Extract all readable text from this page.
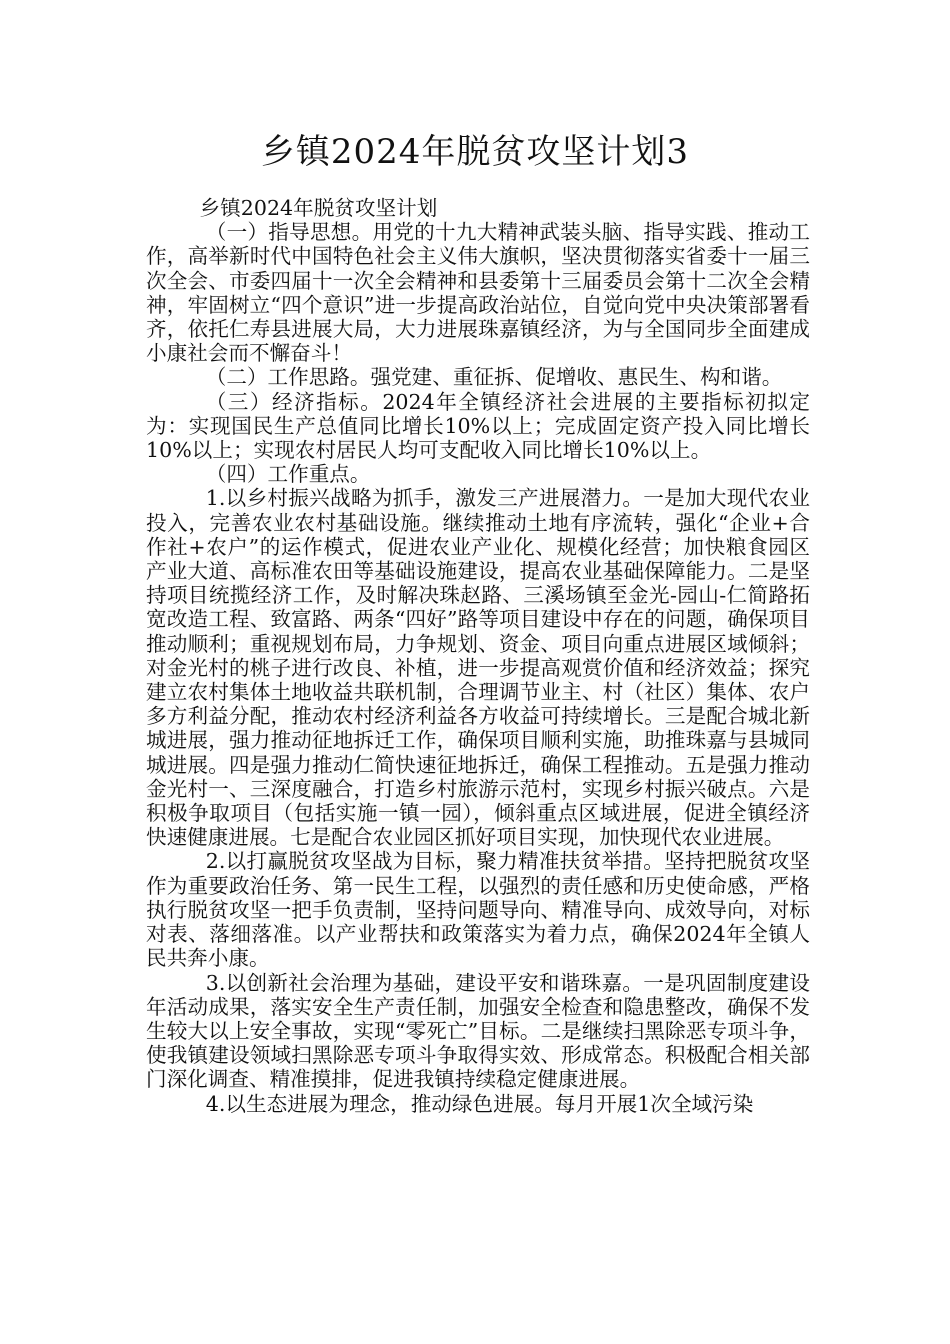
乡镇2024年脱贫攻坚计划3

乡镇2024年脱贫攻坚计划

（一）指导思想。用党的十九大精神武装头脑、指导实践、推动工作，高举新时代中国特色社会主义伟大旗帜，坚决贯彻落实省委十一届三次全会、市委四届十一次全会精神和县委第十三届委员会第十二次全会精神，牢固树立“四个意识”进一步提高政治站位，自觉向党中央决策部署看齐，依托仁寿县进展大局，大力进展珠嘉镇经济，为与全国同步全面建成小康社会而不懈奋斗！

（二）工作思路。强党建、重征拆、促增收、惠民生、构和谐。

（三）经济指标。2024年全镇经济社会进展的主要指标初拟定为：实现国民生产总值同比增长10%以上；完成固定资产投入同比增长10%以上；实现农村居民人均可支配收入同比增长10%以上。

（四）工作重点。

1.以乡村振兴战略为抓手，激发三产进展潜力。一是加大现代农业投入，完善农业农村基础设施。继续推动土地有序流转，强化“企业+合作社+农户”的运作模式，促进农业产业化、规模化经营；加快粮食园区产业大道、高标准农田等基础设施建设，提高农业基础保障能力。二是坚持项目统揽经济工作，及时解决珠赵路、三溪场镇至金光-园山-仁简路拓宽改造工程、致富路、两条“四好”路等项目建设中存在的问题，确保项目推动顺利；重视规划布局，力争规划、资金、项目向重点进展区域倾斜；对金光村的桃子进行改良、补植，进一步提高观赏价值和经济效益；探究建立农村集体土地收益共联机制，合理调节业主、村（社区）集体、农户多方利益分配，推动农村经济利益各方收益可持续增长。三是配合城北新城进展，强力推动征地拆迁工作，确保项目顺利实施，助推珠嘉与县城同城进展。四是强力推动仁简快速征地拆迁，确保工程推动。五是强力推动金光村一、三深度融合，打造乡村旅游示范村，实现乡村振兴破点。六是积极争取项目（包括实施一镇一园），倾斜重点区域进展，促进全镇经济快速健康进展。七是配合农业园区抓好项目实现，加快现代农业进展。

2.以打赢脱贫攻坚战为目标，聚力精准扶贫举措。坚持把脱贫攻坚作为重要政治任务、第一民生工程，以强烈的责任感和历史使命感，严格执行脱贫攻坚一把手负责制，坚持问题导向、精准导向、成效导向，对标对表、落细落准。以产业帮扶和政策落实为着力点，确保2024年全镇人民共奔小康。

3.以创新社会治理为基础，建设平安和谐珠嘉。一是巩固制度建设年活动成果，落实安全生产责任制，加强安全检查和隐患整改，确保不发生较大以上安全事故，实现“零死亡”目标。二是继续扫黑除恶专项斗争，使我镇建设领域扫黑除恶专项斗争取得实效、形成常态。积极配合相关部门深化调查、精准摸排，促进我镇持续稳定健康进展。

4.以生态进展为理念，推动绿色进展。每月开展1次全域污染
